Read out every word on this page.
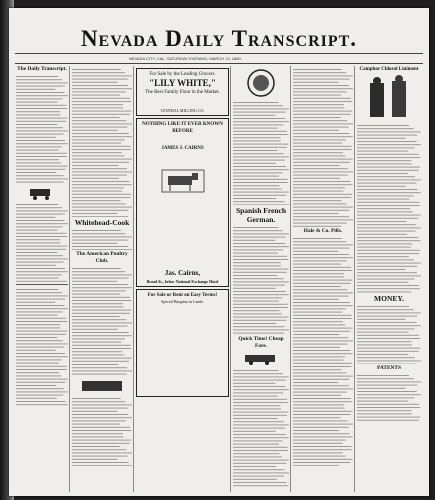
Nevada Daily Transcript.
NEVADA CITY, CAL. SATURDAY EVENING, MARCH 13, 1880.
The Daily Transcript.
Whitehead-Cook
The American Poultry Club.
For Sale by the Leading Grocers.
"LILY WHITE,"
The Best Family Flour in the Market.
CENTRAL MILLING CO.
NOTHING LIKE IT EVER KNOWN BEFORE
JAMES J. CAIRNS
Jas. Cairns,
Broad St., below National Exchange Hotel
For Sale or Rent on Easy Terms!
Special Bargains in Lands.
Spanish French German.
Quick Time! Cheap Fare.
Hale & Co. Pills.
Camphor Chlorol Liniment
MONEY.
PATENTS
